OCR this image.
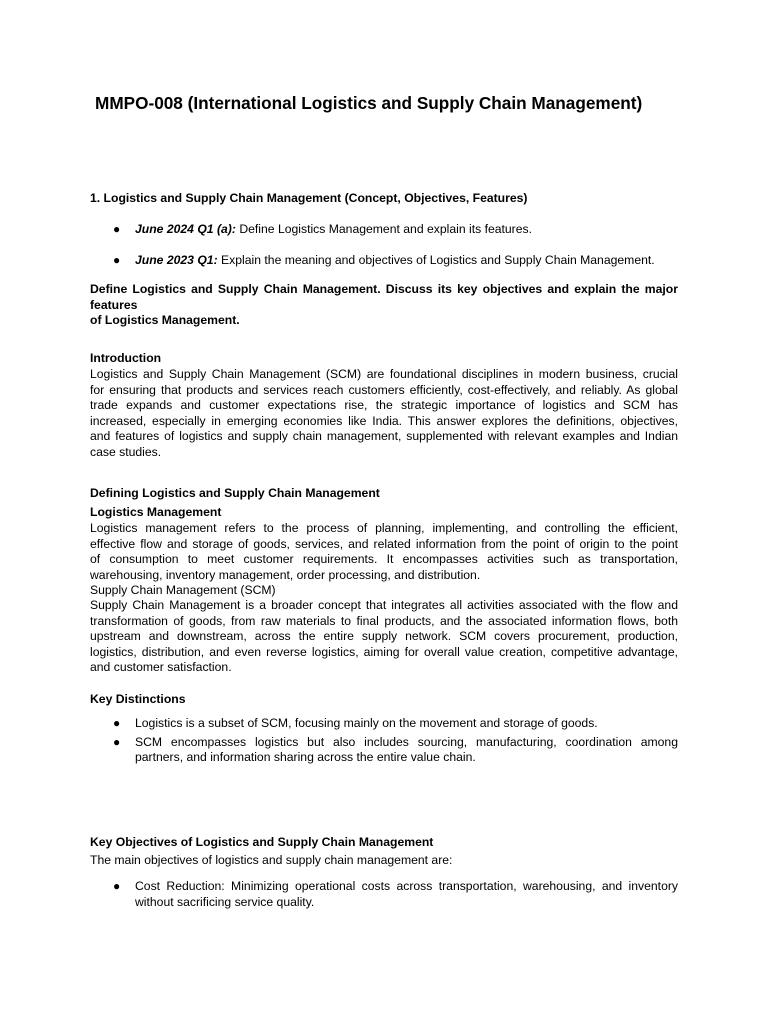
MMPO-008 (International Logistics and Supply Chain Management)
1. Logistics and Supply Chain Management (Concept, Objectives, Features)
● June 2024 Q1 (a): Define Logistics Management and explain its features.
● June 2023 Q1: Explain the meaning and objectives of Logistics and Supply Chain Management.
Define Logistics and Supply Chain Management. Discuss its key objectives and explain the major features
of Logistics Management.
Introduction
Logistics and Supply Chain Management (SCM) are foundational disciplines in modern business, crucial
for ensuring that products and services reach customers efficiently, cost-effectively, and reliably. As global
trade expands and customer expectations rise, the strategic importance of logistics and SCM has
increased, especially in emerging economies like India. This answer explores the definitions, objectives,
and features of logistics and supply chain management, supplemented with relevant examples and Indian
case studies.
Defining Logistics and Supply Chain Management
Logistics Management
Logistics management refers to the process of planning, implementing, and controlling the efficient,
effective flow and storage of goods, services, and related information from the point of origin to the point
of consumption to meet customer requirements. It encompasses activities such as transportation,
warehousing, inventory management, order processing, and distribution.
Supply Chain Management (SCM)
Supply Chain Management is a broader concept that integrates all activities associated with the flow and
transformation of goods, from raw materials to final products, and the associated information flows, both
upstream and downstream, across the entire supply network. SCM covers procurement, production,
logistics, distribution, and even reverse logistics, aiming for overall value creation, competitive advantage,
and customer satisfaction.
Key Distinctions
● Logistics is a subset of SCM, focusing mainly on the movement and storage of goods.
● SCM encompasses logistics but also includes sourcing, manufacturing, coordination among partners, and information sharing across the entire value chain.
Key Objectives of Logistics and Supply Chain Management
The main objectives of logistics and supply chain management are:
● Cost Reduction: Minimizing operational costs across transportation, warehousing, and inventory without sacrificing service quality.
